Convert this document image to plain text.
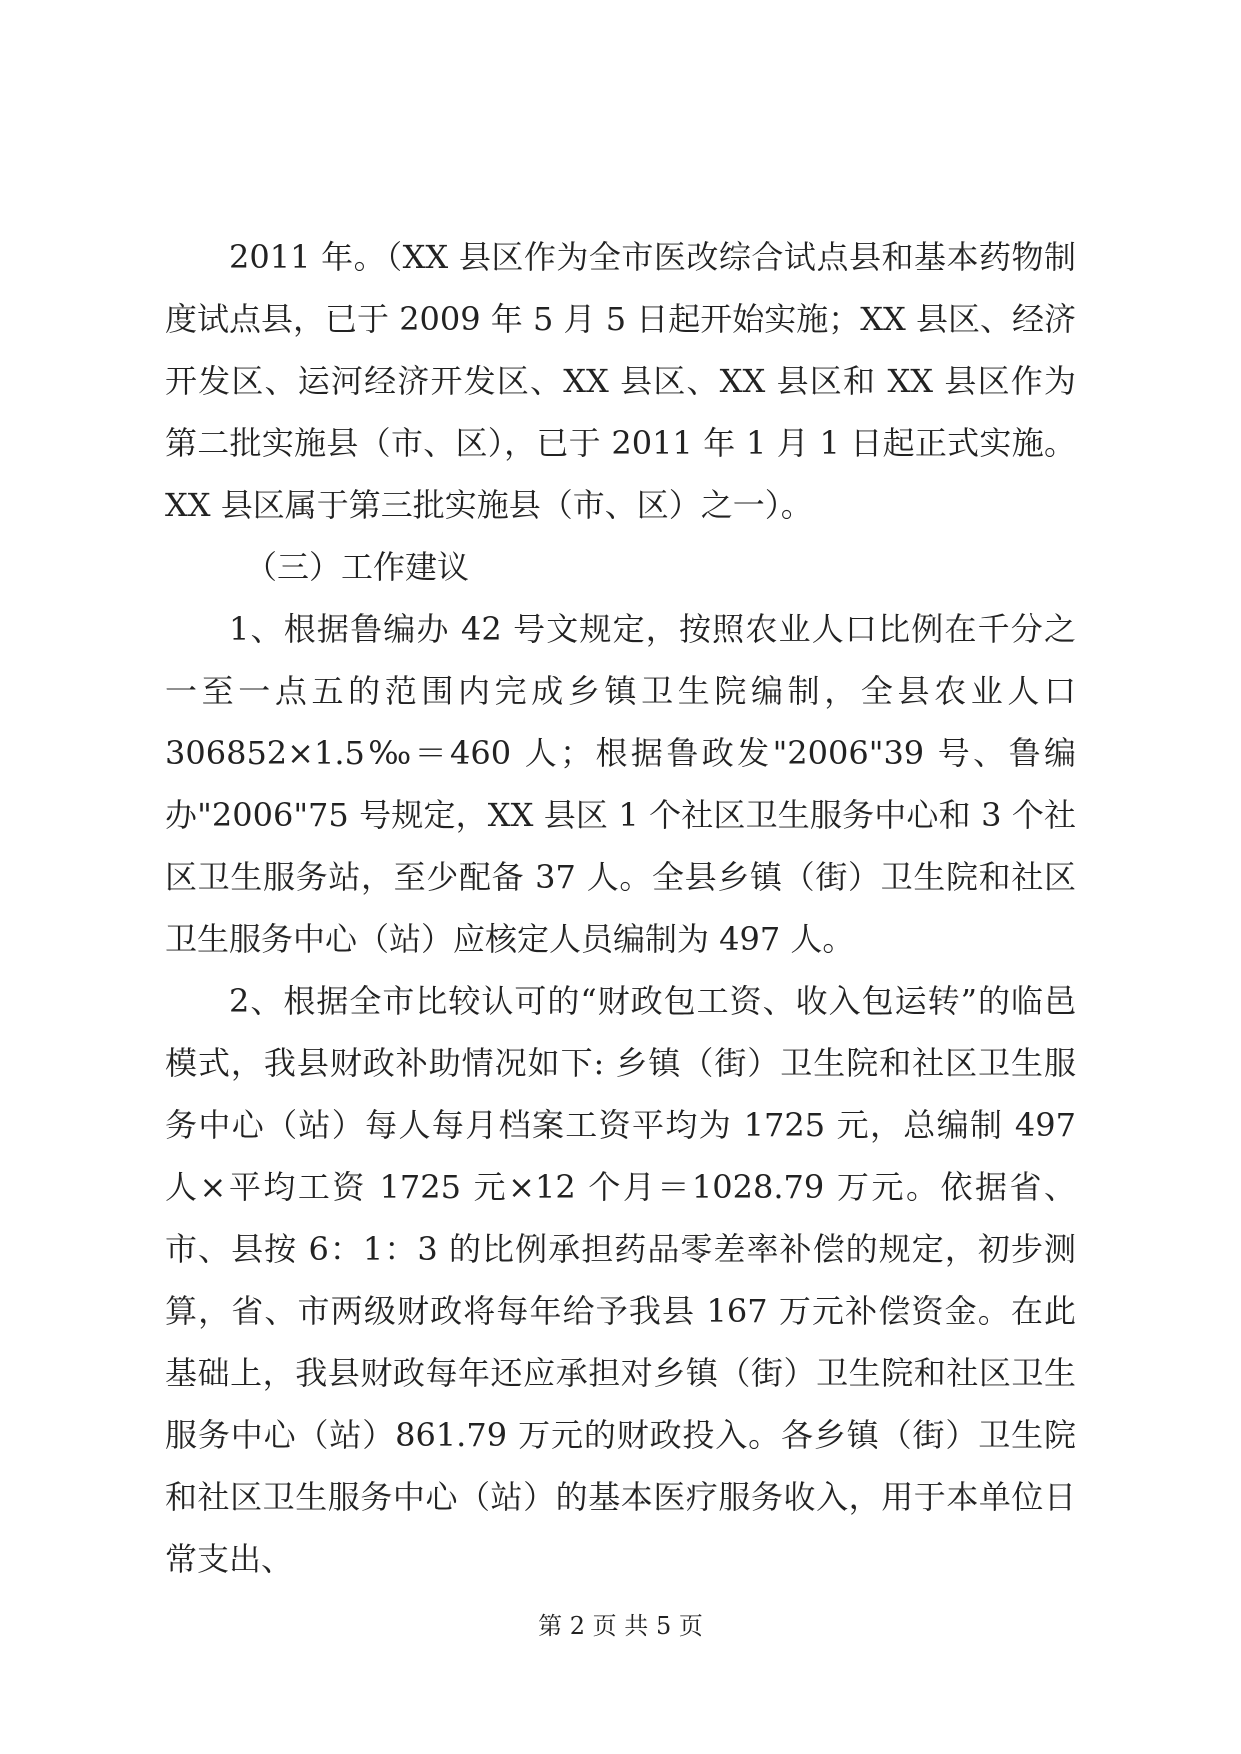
2011 年。（XX 县区作为全市医改综合试点县和基本药物制度试点县，已于 2009 年 5 月 5 日起开始实施；XX 县区、经济开发区、运河经济开发区、XX 县区、XX 县区和 XX 县区作为第二批实施县（市、区），已于 2011 年 1 月 1 日起正式实施。XX 县区属于第三批实施县（市、区）之一）。

（三）工作建议

1、根据鲁编办 42 号文规定，按照农业人口比例在千分之一至一点五的范围内完成乡镇卫生院编制，全县农业人口 306852×1.5‰＝460 人；根据鲁政发"2006"39 号、鲁编办"2006"75 号规定，XX 县区 1 个社区卫生服务中心和 3 个社区卫生服务站，至少配备 37 人。全县乡镇（街）卫生院和社区卫生服务中心（站）应核定人员编制为 497 人。

2、根据全市比较认可的“财政包工资、收入包运转”的临邑模式，我县财政补助情况如下: 乡镇（街）卫生院和社区卫生服务中心（站）每人每月档案工资平均为 1725 元，总编制 497 人×平均工资 1725 元×12 个月＝1028.79 万元。依据省、市、县按 6：1：3 的比例承担药品零差率补偿的规定，初步测算，省、市两级财政将每年给予我县 167 万元补偿资金。在此基础上，我县财政每年还应承担对乡镇（街）卫生院和社区卫生服务中心（站）861.79 万元的财政投入。各乡镇（街）卫生院和社区卫生服务中心（站）的基本医疗服务收入，用于本单位日常支出、

第 2 页 共 5 页
